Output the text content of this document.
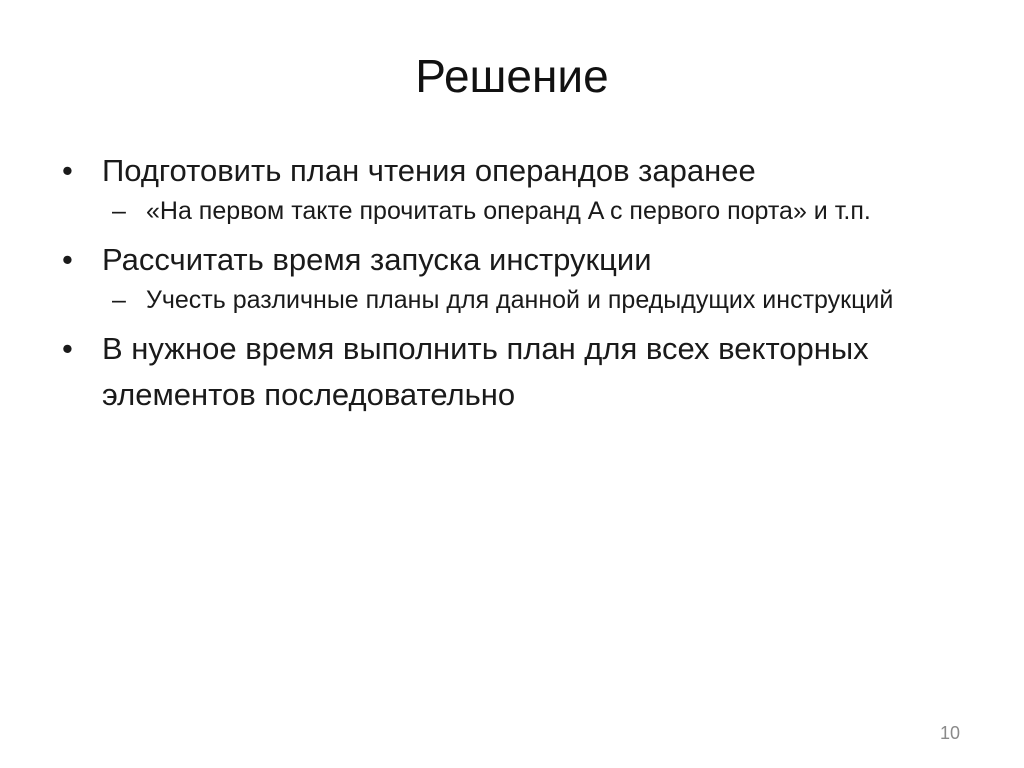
Решение
• Подготовить план чтения операндов заранее
– «На первом такте прочитать операнд A с первого порта» и т.п.
• Рассчитать время запуска инструкции
– Учесть различные планы для данной и предыдущих инструкций
• В нужное время выполнить план для всех векторных элементов последовательно
10
